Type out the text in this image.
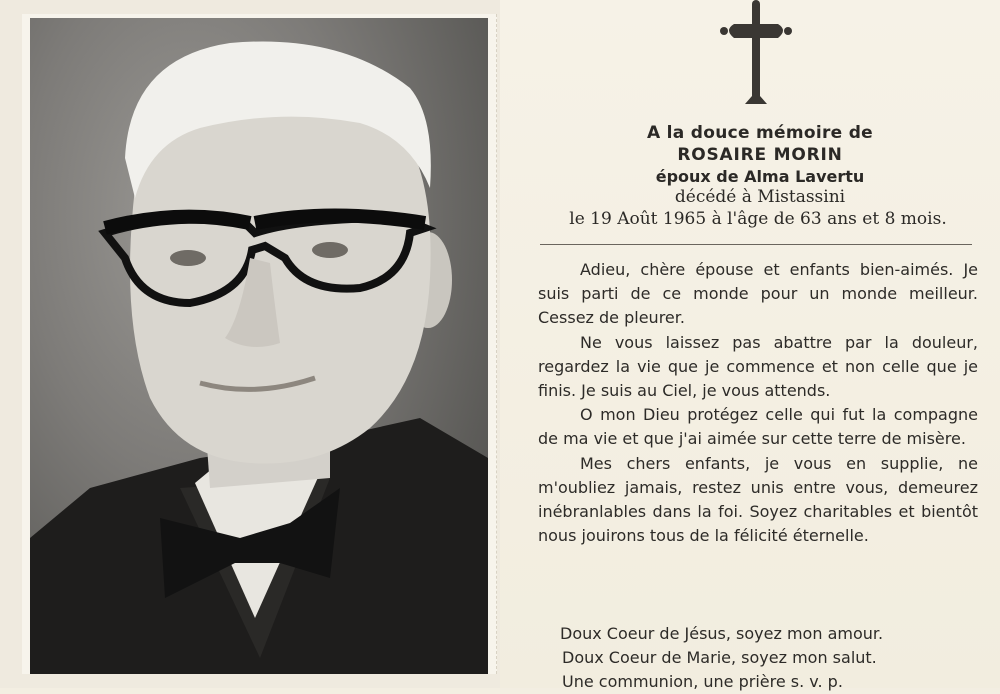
A la douce mémoire de
ROSAIRE MORIN
époux de Alma Lavertu
décédé à Mistassini
le 19 Août 1965 à l'âge de 63 ans et 8 mois.

Adieu, chère épouse et enfants bien-aimés. Je suis parti de ce monde pour un monde meilleur. Cessez de pleurer.

Ne vous laissez pas abattre par la douleur, regardez la vie que je commence et non celle que je finis. Je suis au Ciel, je vous attends.

O mon Dieu protégez celle qui fut la compagne de ma vie et que j'ai aimée sur cette terre de misère.

Mes chers enfants, je vous en supplie, ne m'oubliez jamais, restez unis entre vous, demeurez inébranlables dans la foi. Soyez charitables et bientôt nous jouirons tous de la félicité éternelle.

Doux Coeur de Jésus, soyez mon amour.
Doux Coeur de Marie, soyez mon salut.
Une communion, une prière s. v. p.
